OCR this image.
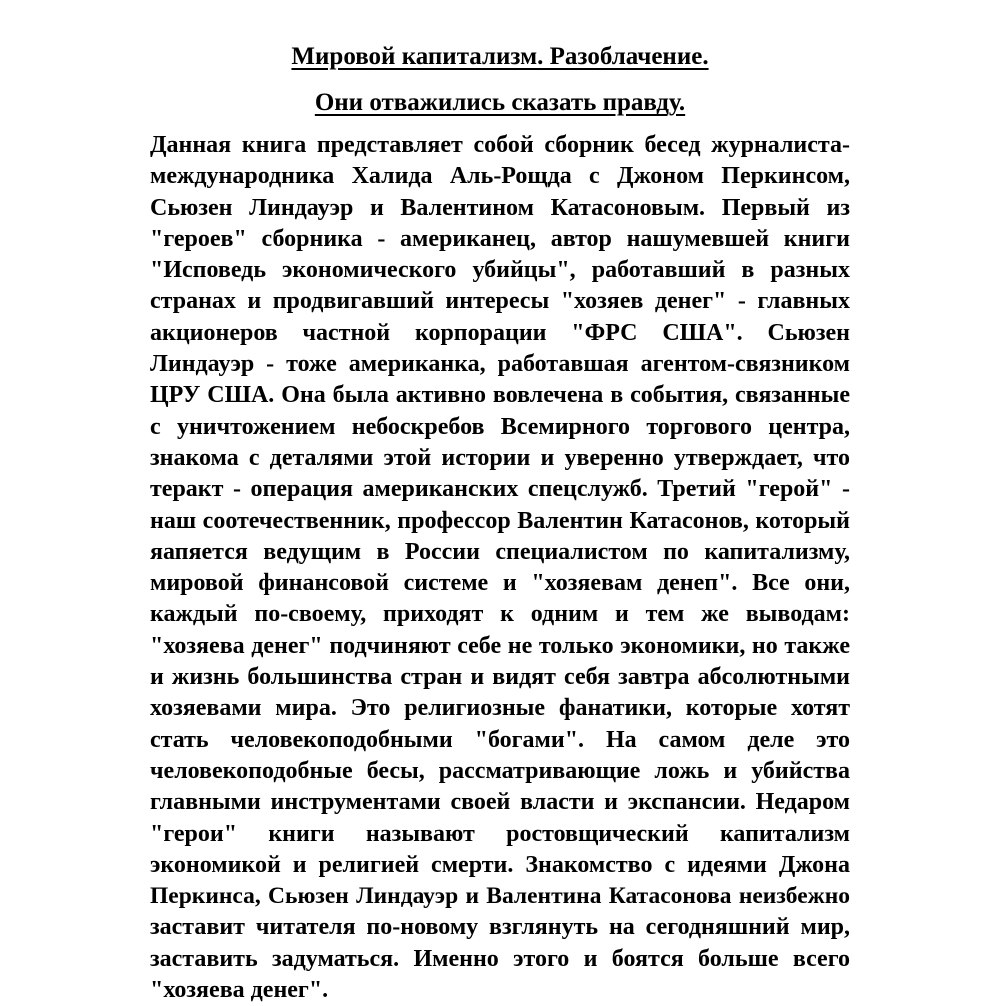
Мировой капитализм. Разоблачение.
Они отважились сказать правду.
Данная книга представляет собой сборник бесед журналиста-
международника Халида Аль-Рощда с Джоном Перкинсом,
Сьюзен Линдауэр и Валентином Катасоновым. Первый из
"героев" сборника - американец, автор нашумевшей книги
"Исповедь экономического убийцы", работавший в разных
странах и продвигавший интересы "хозяев денег" - главных
акционеров частной корпорации "ФРС США". Сьюзен
Линдауэр - тоже американка, работавшая агентом-связником
ЦРУ США. Она была активно вовлечена в события, связанные
с уничтожением небоскребов Всемирного торгового центра,
знакома с деталями этой истории и уверенно утверждает, что
теракт - операция американских спецслужб. Третий "герой" -
наш соотечественник, профессор Валентин Катасонов, который
яапяется ведущим в России специалистом по капитализму,
мировой финансовой системе и "хозяевам денеп". Все они,
каждый по-своему, приходят к одним и тем же выводам:
"хозяева денег" подчиняют себе не только экономики, но также
и жизнь большинства стран и видят себя завтра абсолютными
хозяевами мира. Это религиозные фанатики, которые хотят
стать человекоподобными "богами". На самом деле это
человекоподобные бесы, рассматривающие ложь и убийства
главными инструментами своей власти и экспансии. Недаром
"герои" книги называют ростовщический капитализм
экономикой и религией смерти. Знакомство с идеями Джона
Перкинса, Сьюзен Линдауэр и Валентина Катасонова неизбежно
заставит читателя по-новому взглянуть на сегодняшний мир,
заставить задуматься. Именно этого и боятся больше всего
"хозяева денег".
